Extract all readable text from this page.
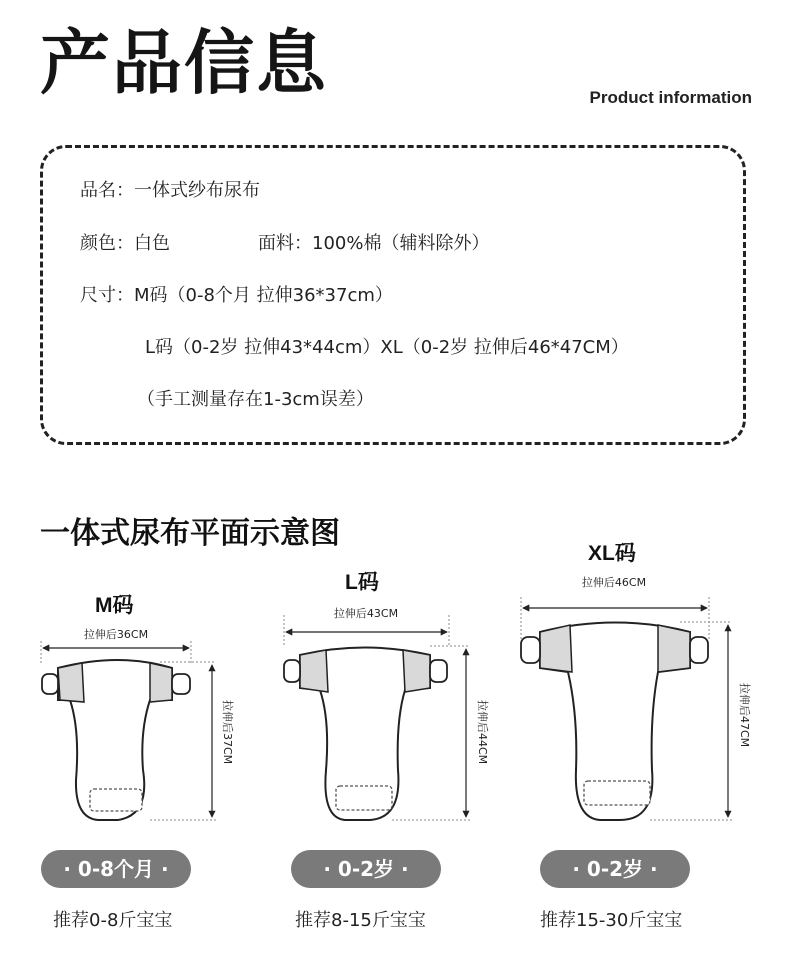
产品信息	Product information
品名：一体式纱布尿布
颜色：白色	面料：100%棉（辅料除外）
尺寸：M码（0-8个月 拉伸36*37cm）
L码（0-2岁 拉伸43*44cm）XL（0-2岁 拉伸后46*47CM）
（手工测量存在1-3cm误差）
一体式尿布平面示意图
M码
L码
XL码
拉伸后36CM
拉伸后37CM
拉伸后43CM
拉伸后44CM
拉伸后46CM
拉伸后47CM
· 0-8个月 ·	· 0-2岁 ·	· 0-2岁 ·
推荐0-8斤宝宝	推荐8-15斤宝宝	推荐15-30斤宝宝
